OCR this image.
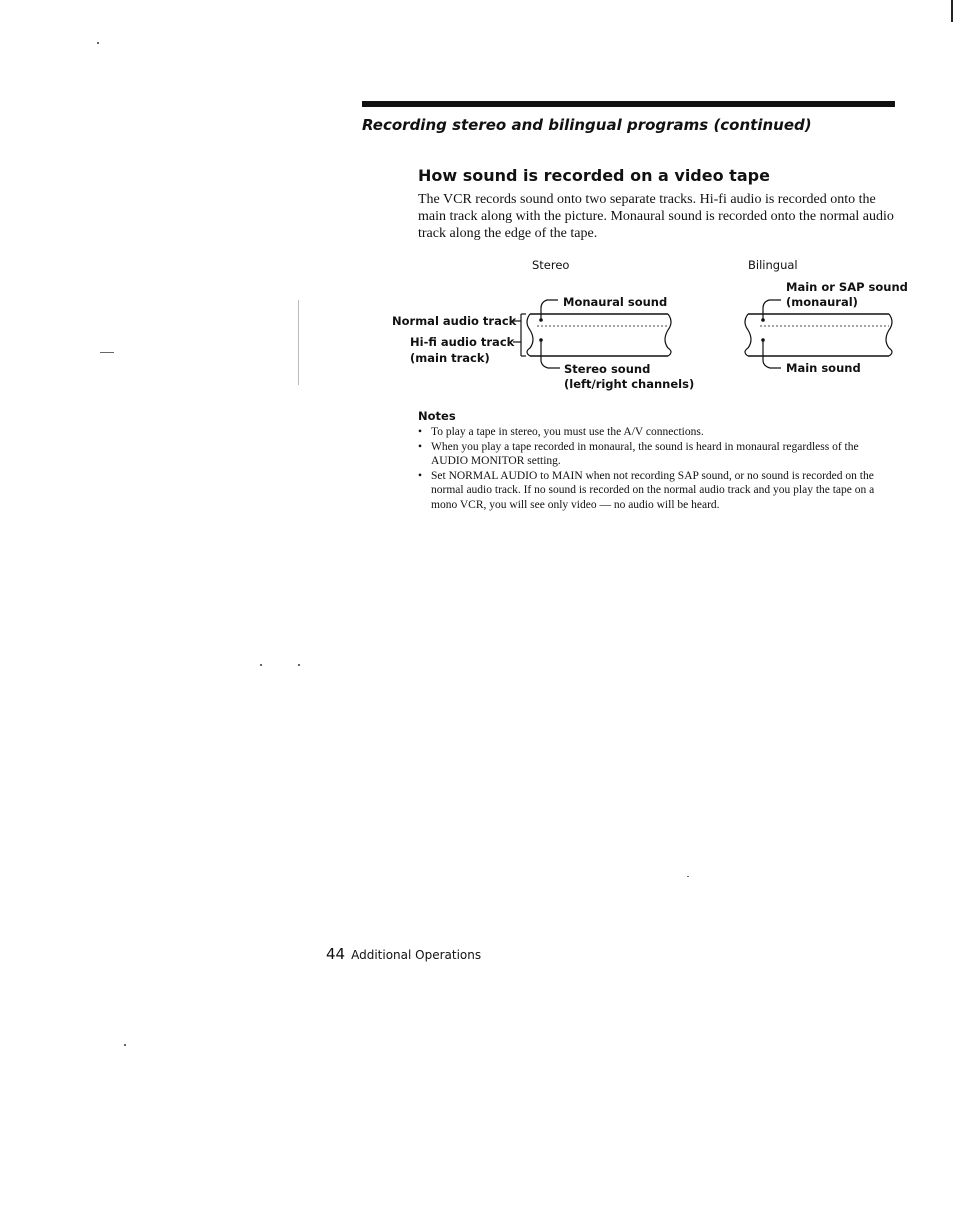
Recording stereo and bilingual programs (continued)
How sound is recorded on a video tape
The VCR records sound onto two separate tracks. Hi-fi audio is recorded onto the main track along with the picture. Monaural sound is recorded onto the normal audio track along the edge of the tape.
Stereo	Bilingual
Monaural sound
Normal audio track
Hi-fi audio track
(main track)
Stereo sound
(left/right channels)
Main or SAP sound
(monaural)
Main sound
Notes
• To play a tape in stereo, you must use the A/V connections.
• When you play a tape recorded in monaural, the sound is heard in monaural regardless of the AUDIO MONITOR setting.
• Set NORMAL AUDIO to MAIN when not recording SAP sound, or no sound is recorded on the normal audio track. If no sound is recorded on the normal audio track and you play the tape on a mono VCR, you will see only video — no audio will be heard.
44 Additional Operations
